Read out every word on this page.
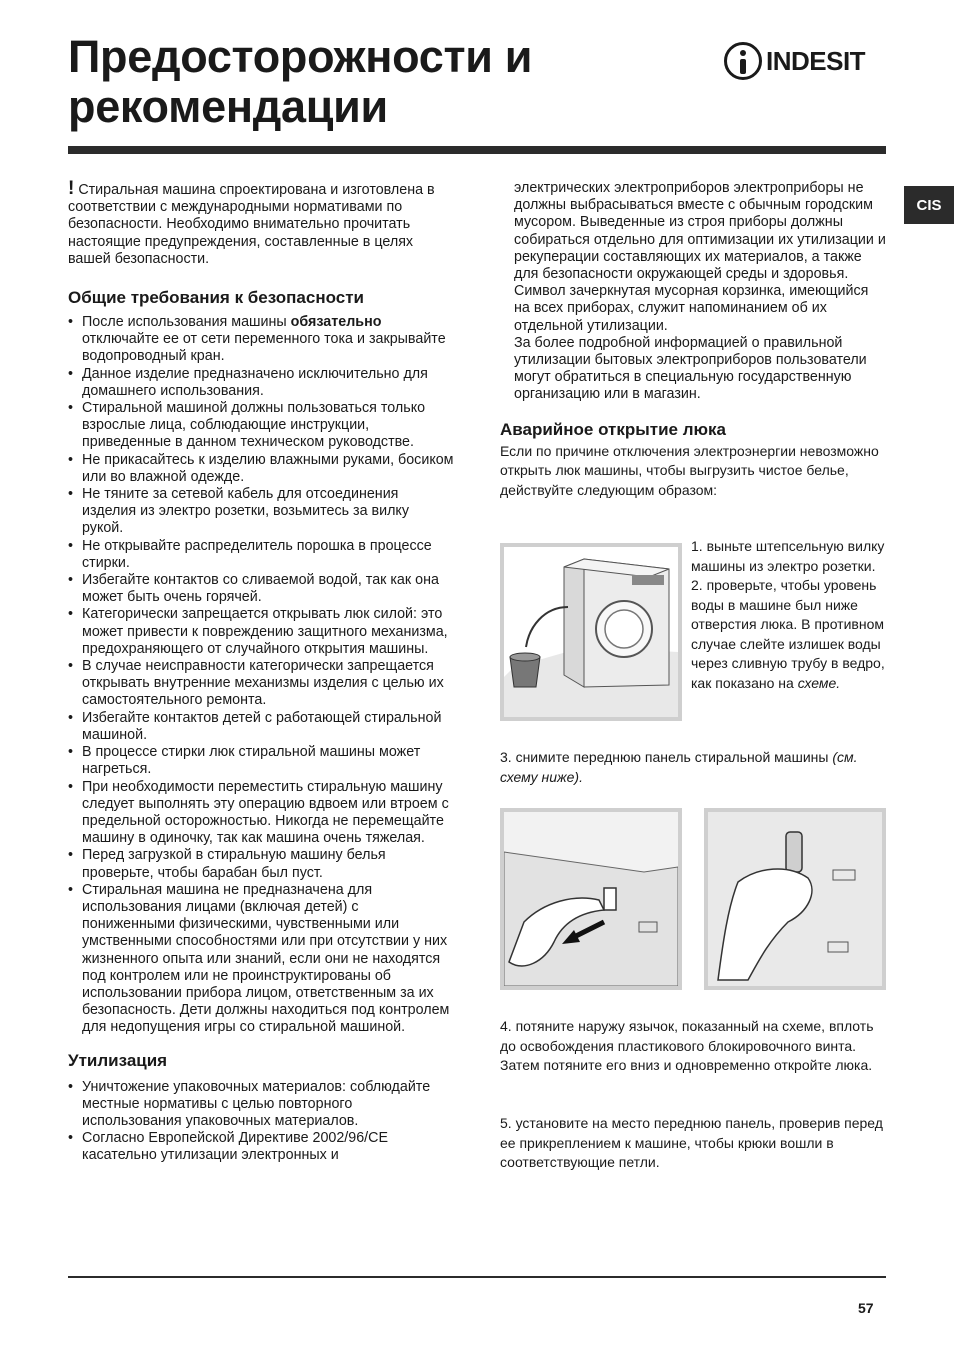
Предосторожности и
рекомендации
INDESIT
CIS

! Стиральная машина спроектирована и изготовлена в соответствии с международными нормативами по безопасности. Необходимо внимательно прочитать настоящие предупреждения, составленные в целях вашей безопасности.

Общие требования к безопасности
• После использования машины обязательно отключайте ее от сети переменного тока и закрывайте водопроводный кран.
• Данное изделие предназначено исключительно для домашнего использования.
• Стиральной машиной должны пользоваться только взрослые лица, соблюдающие инструкции, приведенные в данном техническом руководстве.
• Не прикасайтесь к изделию влажными руками, босиком или во влажной одежде.
• Не тяните за сетевой кабель для отсоединения изделия из электро розетки, возьмитесь за вилку рукой.
• Не открывайте распределитель порошка в процессе стирки.
• Избегайте контактов со сливаемой водой, так как она может быть очень горячей.
• Категорически запрещается открывать люк силой: это может привести к повреждению защитного механизма, предохраняющего от случайного открытия машины.
• В случае неисправности категорически запрещается открывать внутренние механизмы изделия с целью их самостоятельного ремонта.
• Избегайте контактов детей с работающей стиральной машиной.
• В процессе стирки люк стиральной машины может нагреться.
• При необходимости переместить стиральную машину следует выполнять эту операцию вдвоем или втроем с предельной осторожностью. Никогда не перемещайте машину в одиночку, так как машина очень тяжелая.
• Перед загрузкой в стиральную машину белья проверьте, чтобы барабан был пуст.
• Стиральная машина не предназначена для использования лицами (включая детей) с пониженными физическими, чувственными или умственными способностями или при отсутствии у них жизненного опыта или знаний, если они не находятся под контролем или не проинструктированы об использовании прибора лицом, ответственным за их безопасность. Дети должны находиться под контролем для недопущения игры со стиральной машиной.
Утилизация
• Уничтожение упаковочных материалов: соблюдайте местные нормативы с целью повторного использования упаковочных материалов.
• Согласно Европейской Директиве 2002/96/CE касательно утилизации электронных и

электрических электроприборов электроприборы не должны выбрасываться вместе с обычным городским мусором. Выведенные из строя приборы должны собираться отдельно для оптимизации их утилизации и рекуперации составляющих их материалов, а также для безопасности окружающей среды и здоровья. Символ зачеркнутая мусорная корзинка, имеющийся на всех приборах, служит напоминанием об их отдельной утилизации.

За более подробной информацией о правильной утилизации бытовых электроприборов пользователи могут обратиться в специальную государственную организацию или в магазин.

Аварийное открытие люка

Если по причине отключения электроэнергии невозможно открыть люк машины, чтобы выгрузить чистое белье, действуйте следующим образом:

1. выньте штепсельную вилку машины из электро розетки.
2. проверьте, чтобы уровень воды в машине был ниже отверстия люка. В противном случае слейте излишек воды через сливную трубу в ведро, как показано на схеме.
3. снимите переднюю панель стиральной машины (см. схему ниже).
4. потяните наружу язычок, показанный на схеме, вплоть до освобождения пластикового блокировочного винта. Затем потяните его вниз и одновременно откройте люка.
5. установите на место переднюю панель, проверив перед ее прикреплением к машине, чтобы крюки вошли в соответствующие петли.
57
